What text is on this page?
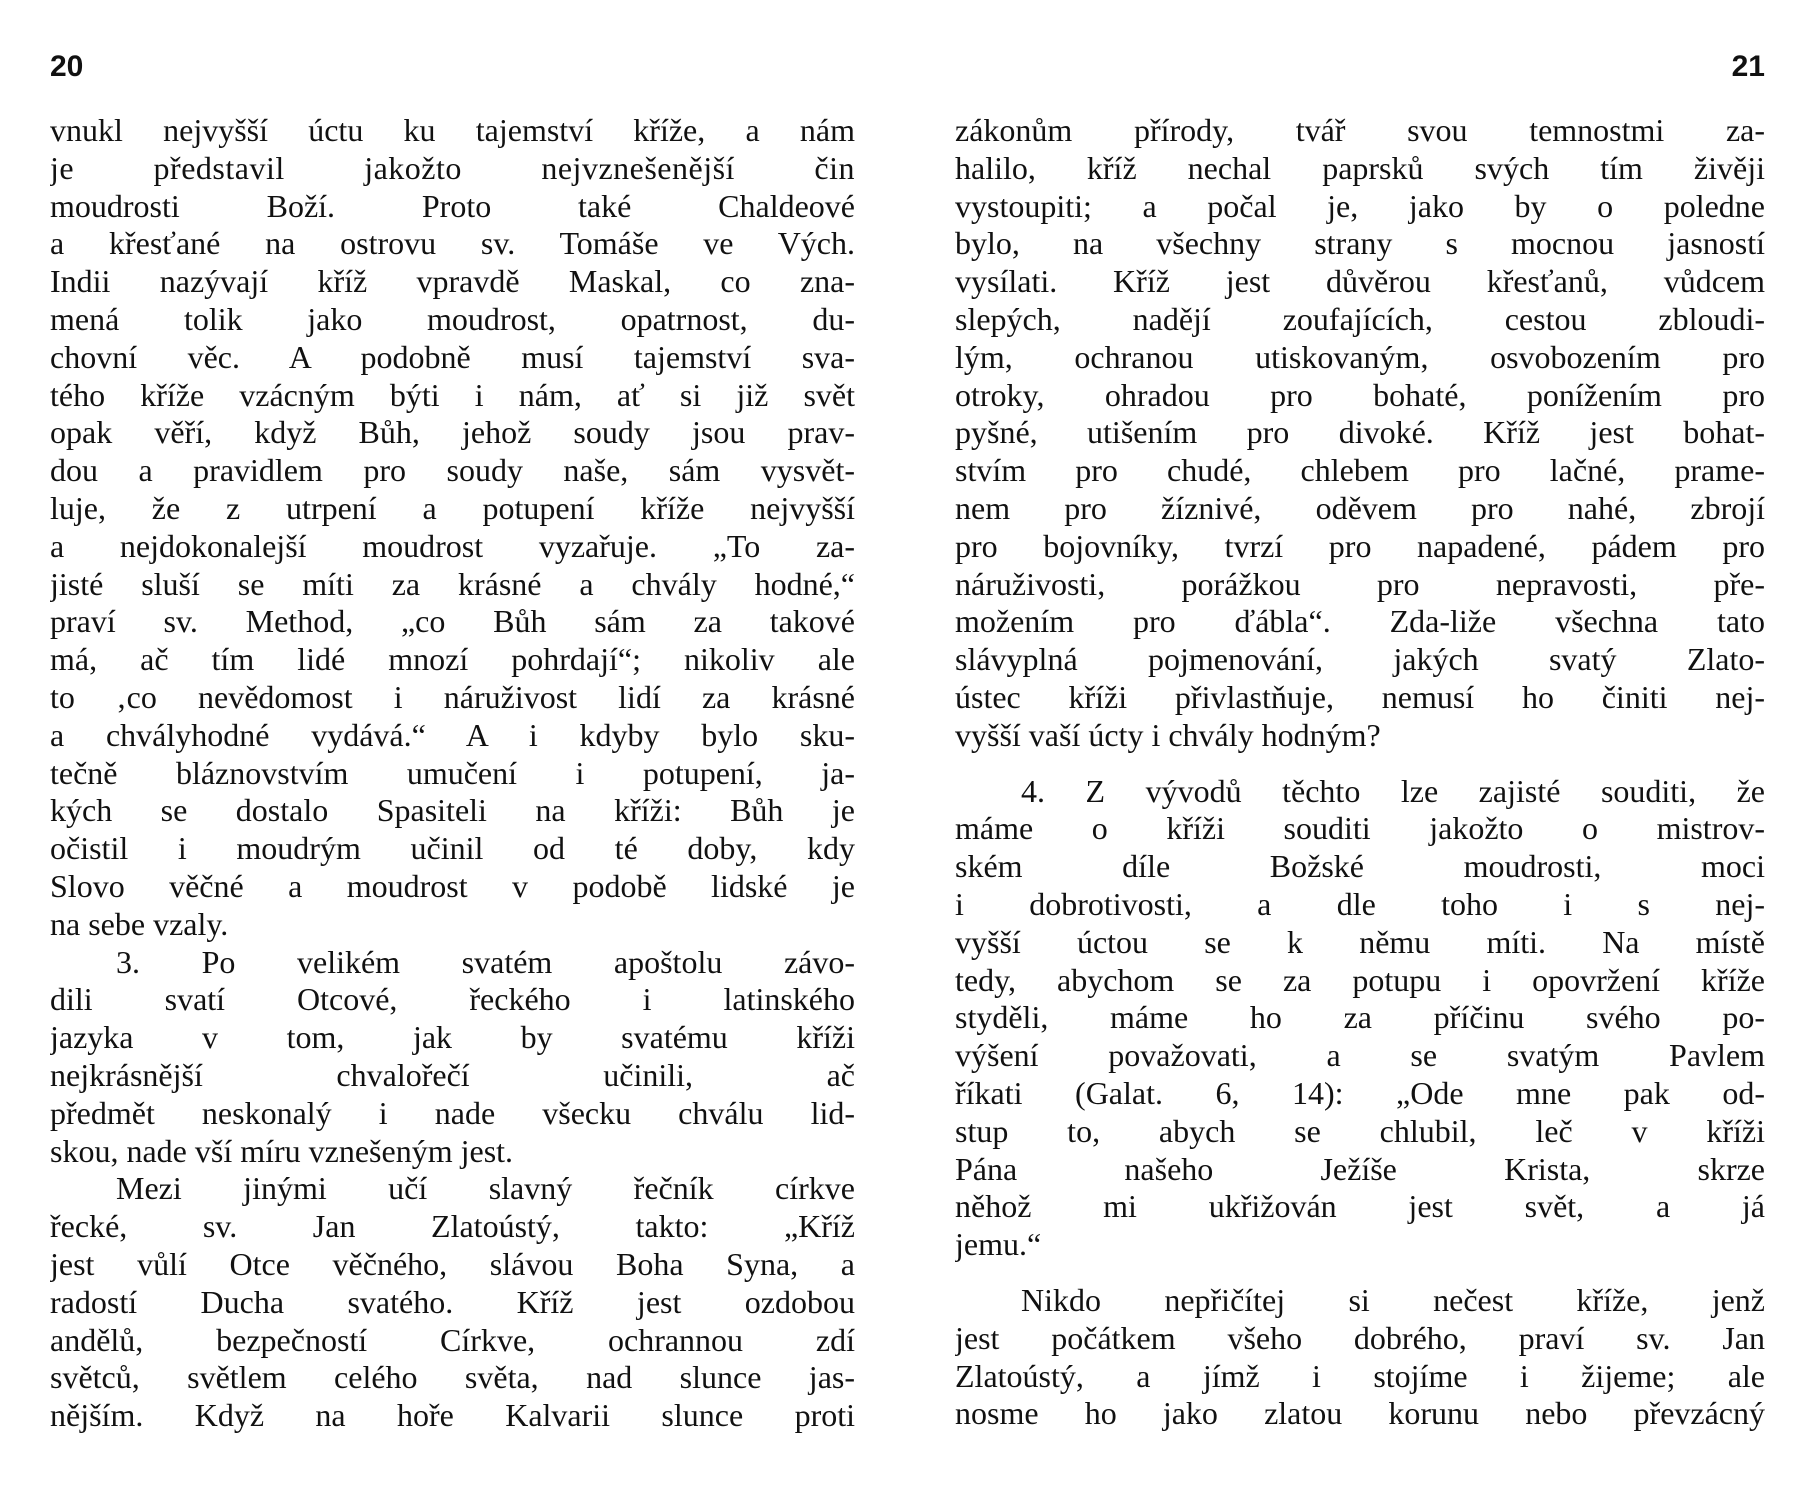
20
vnukl nejvyšší úctu ku tajemství kříže, a nám
je představil jakožto nejvznešenější čin
moudrosti Boží. Proto také Chaldeové
a křesťané na ostrovu sv. Tomáše ve Vých.
Indii nazývají kříž vpravdě Maskal, co zna-
mená tolik jako moudrost, opatrnost, du-
chovní věc. A podobně musí tajemství sva-
tého kříže vzácným býti i nám, ať si již svět
opak věří, když Bůh, jehož soudy jsou prav-
dou a pravidlem pro soudy naše, sám vysvět-
luje, že z utrpení a potupení kříže nejvyšší
a nejdokonalejší moudrost vyzařuje. „To za-
jisté sluší se míti za krásné a chvály hodné,“
praví sv. Method, „co Bůh sám za takové
má, ač tím lidé mnozí pohrdají“; nikoliv ale
to ‚co nevědomost i náruživost lidí za krásné
a chvályhodné vydává.“ A i kdyby bylo sku-
tečně bláznovstvím umučení i potupení, ja-
kých se dostalo Spasiteli na kříži: Bůh je
očistil i moudrým učinil od té doby, kdy
Slovo věčné a moudrost v podobě lidské je
na sebe vzaly.
3. Po velikém svatém apoštolu závo-
dili svatí Otcové, řeckého i latinského
jazyka v tom, jak by svatému kříži
nejkrásnější chvalořečí učinili, ač
předmět neskonalý i nade všecku chválu lid-
skou, nade vší míru vznešeným jest.
Mezi jinými učí slavný řečník církve
řecké, sv. Jan Zlatoústý, takto: „Kříž
jest vůlí Otce věčného, slávou Boha Syna, a
radostí Ducha svatého. Kříž jest ozdobou
andělů, bezpečností Církve, ochrannou zdí
světců, světlem celého světa, nad slunce jas-
nějším. Když na hoře Kalvarii slunce proti
21
zákonům přírody, tvář svou temnostmi za-
halilo, kříž nechal paprsků svých tím živěji
vystoupiti; a počal je, jako by o poledne
bylo, na všechny strany s mocnou jasností
vysílati. Kříž jest důvěrou křesťanů, vůdcem
slepých, nadějí zoufajících, cestou zbloudi-
lým, ochranou utiskovaným, osvobozením pro
otroky, ohradou pro bohaté, ponížením pro
pyšné, utišením pro divoké. Kříž jest bohat-
stvím pro chudé, chlebem pro lačné, prame-
nem pro žíznivé, oděvem pro nahé, zbrojí
pro bojovníky, tvrzí pro napadené, pádem pro
náruživosti, porážkou pro nepravosti, pře-
možením pro ďábla“. Zda-liže všechna tato
slávyplná pojmenování, jakých svatý Zlato-
ústec kříži přivlastňuje, nemusí ho činiti nej-
vyšší vaší úcty i chvály hodným?
4. Z vývodů těchto lze zajisté souditi, že
máme o kříži souditi jakožto o mistrov-
ském díle Božské moudrosti, moci
i dobrotivosti, a dle toho i s nej-
vyšší úctou se k němu míti. Na místě
tedy, abychom se za potupu i opovržení kříže
styděli, máme ho za příčinu svého po-
výšení považovati, a se svatým Pavlem
říkati (Galat. 6, 14): „Ode mne pak od-
stup to, abych se chlubil, leč v kříži
Pána našeho Ježíše Krista, skrze
něhož mi ukřižován jest svět, a já
jemu.“
Nikdo nepřičítej si nečest kříže, jenž
jest počátkem všeho dobrého, praví sv. Jan
Zlatoústý, a jímž i stojíme i žijeme; ale
nosme ho jako zlatou korunu nebo převzácný
